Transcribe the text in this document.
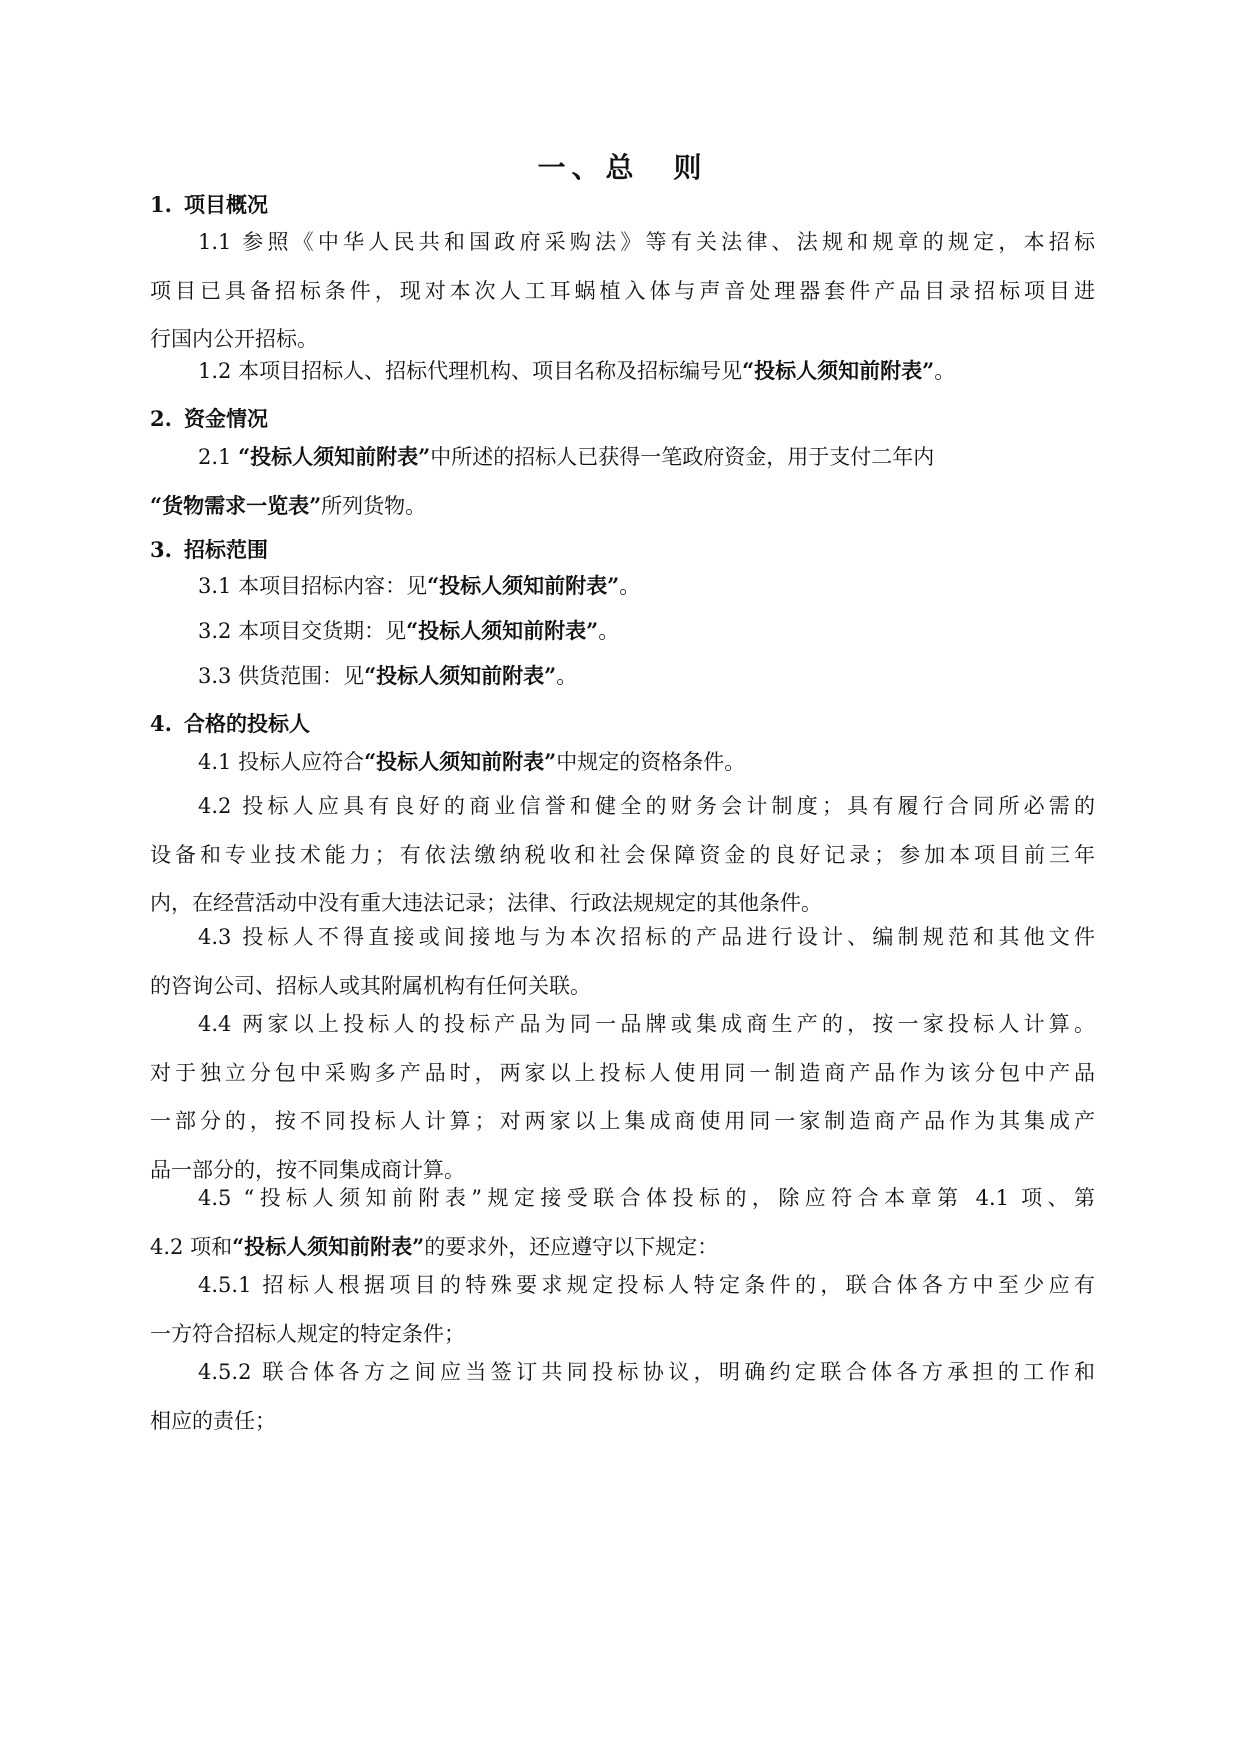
一、总　则
1. 项目概况
1.1 参照《中华人民共和国政府采购法》等有关法律、法规和规章的规定，本招标
项目已具备招标条件，现对本次人工耳蜗植入体与声音处理器套件产品目录招标项目进
行国内公开招标。
1.2 本项目招标人、招标代理机构、项目名称及招标编号见“投标人须知前附表”。
2. 资金情况
2.1 “投标人须知前附表”中所述的招标人已获得一笔政府资金，用于支付二年内
“货物需求一览表”所列货物。
3. 招标范围
3.1 本项目招标内容：见“投标人须知前附表”。
3.2 本项目交货期：见“投标人须知前附表”。
3.3 供货范围：见“投标人须知前附表”。
4. 合格的投标人
4.1 投标人应符合“投标人须知前附表”中规定的资格条件。
4.2 投标人应具有良好的商业信誉和健全的财务会计制度；具有履行合同所必需的
设备和专业技术能力；有依法缴纳税收和社会保障资金的良好记录；参加本项目前三年
内，在经营活动中没有重大违法记录；法律、行政法规规定的其他条件。
4.3 投标人不得直接或间接地与为本次招标的产品进行设计、编制规范和其他文件
的咨询公司、招标人或其附属机构有任何关联。
4.4 两家以上投标人的投标产品为同一品牌或集成商生产的，按一家投标人计算。
对于独立分包中采购多产品时，两家以上投标人使用同一制造商产品作为该分包中产品
一部分的，按不同投标人计算；对两家以上集成商使用同一家制造商产品作为其集成产
品一部分的，按不同集成商计算。
4.5 “投标人须知前附表”规定接受联合体投标的，除应符合本章第 4.1 项、第
4.2 项和“投标人须知前附表”的要求外，还应遵守以下规定：
4.5.1 招标人根据项目的特殊要求规定投标人特定条件的，联合体各方中至少应有
一方符合招标人规定的特定条件；
4.5.2 联合体各方之间应当签订共同投标协议，明确约定联合体各方承担的工作和
相应的责任；
